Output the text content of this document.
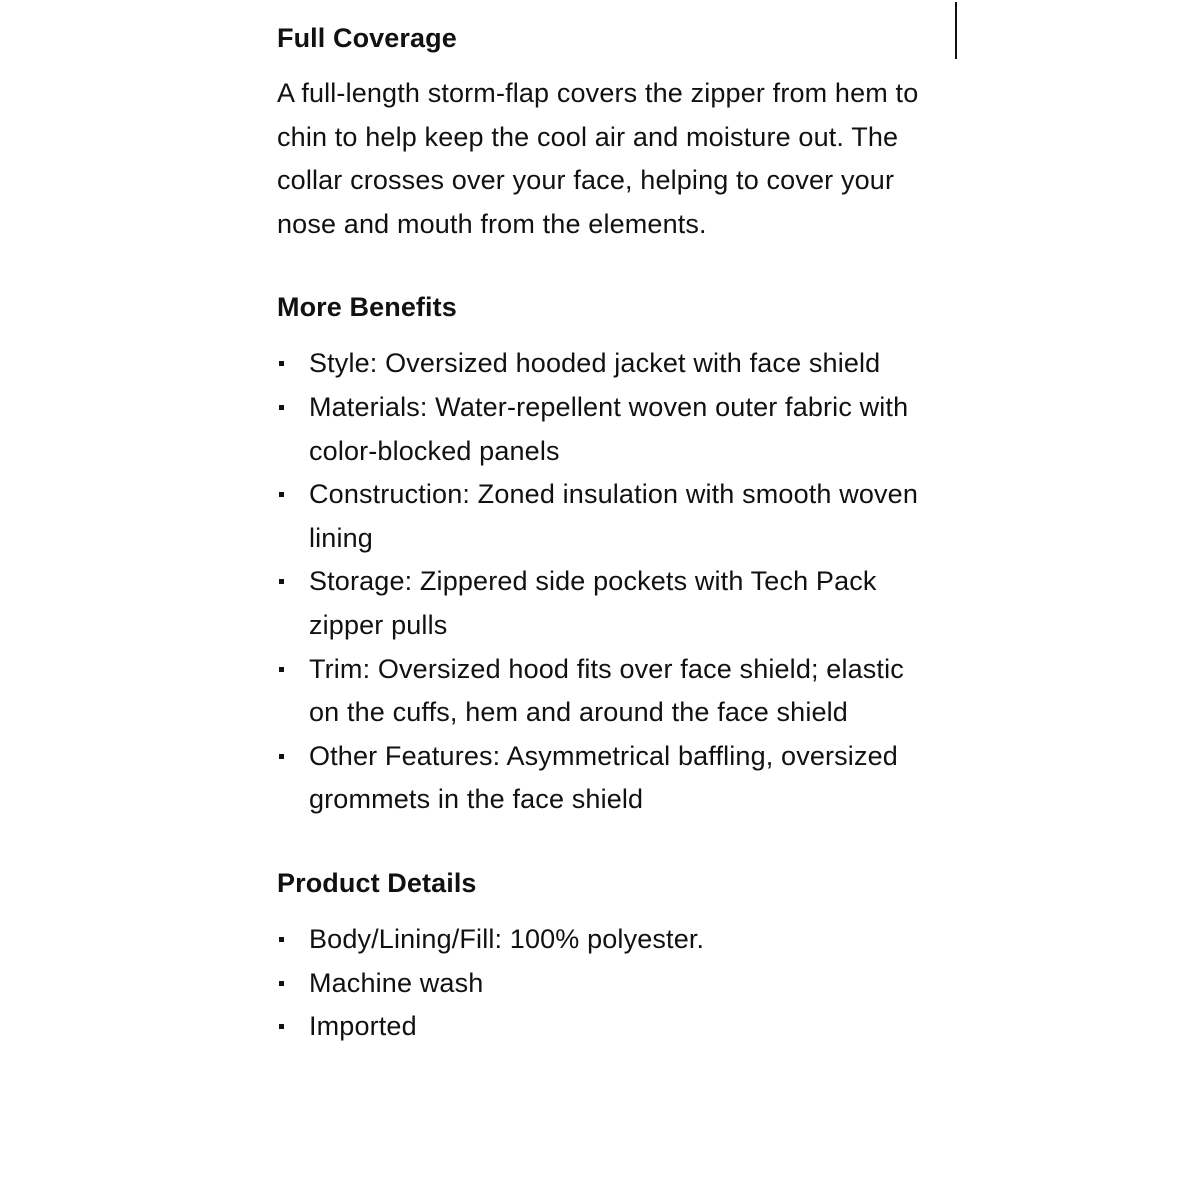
Full Coverage

A full-length storm-flap covers the zipper from hem to chin to help keep the cool air and moisture out. The collar crosses over your face, helping to cover your nose and mouth from the elements.

More Benefits
Style: Oversized hooded jacket with face shield
Materials: Water-repellent woven outer fabric with color-blocked panels
Construction: Zoned insulation with smooth woven lining
Storage: Zippered side pockets with Tech Pack zipper pulls
Trim: Oversized hood fits over face shield; elastic on the cuffs, hem and around the face shield
Other Features: Asymmetrical baffling, oversized grommets in the face shield
Product Details
Body/Lining/Fill: 100% polyester.
Machine wash
Imported
